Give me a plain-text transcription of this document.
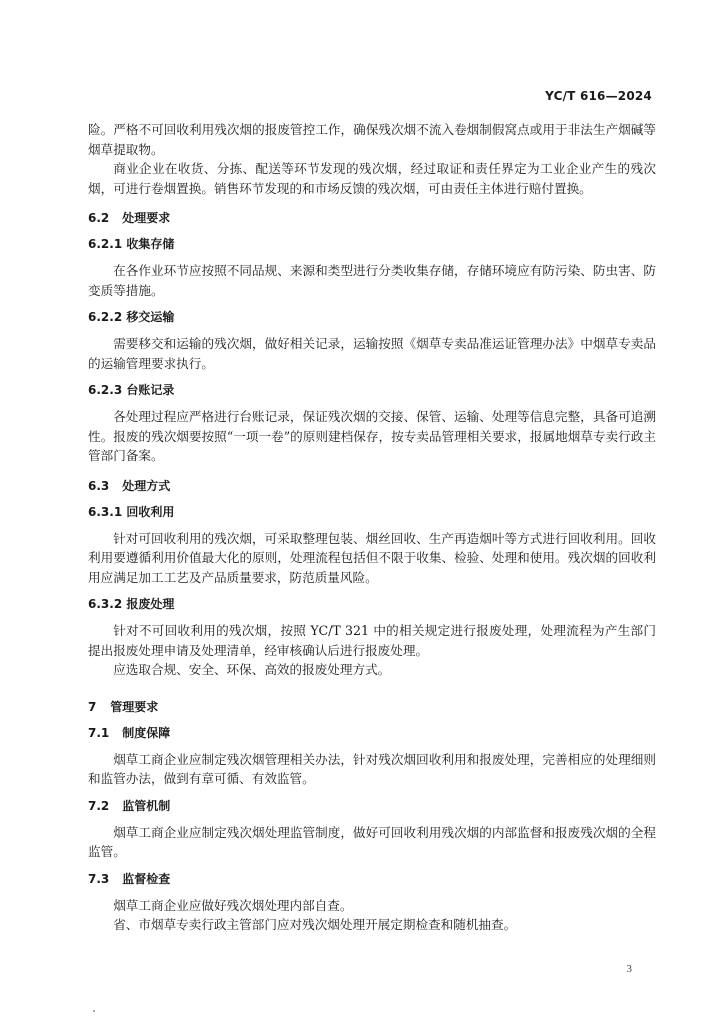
YC/T 616—2024

险。严格不可回收利用残次烟的报废管控工作，确保残次烟不流入卷烟制假窝点或用于非法生产烟碱等烟草提取物。

商业企业在收货、分拣、配送等环节发现的残次烟，经过取证和责任界定为工业企业产生的残次烟，可进行卷烟置换。销售环节发现的和市场反馈的残次烟，可由责任主体进行赔付置换。

6.2 处理要求
6.2.1 收集存储

在各作业环节应按照不同品规、来源和类型进行分类收集存储，存储环境应有防污染、防虫害、防变质等措施。

6.2.2 移交运输

需要移交和运输的残次烟，做好相关记录，运输按照《烟草专卖品准运证管理办法》中烟草专卖品的运输管理要求执行。

6.2.3 台账记录

各处理过程应严格进行台账记录，保证残次烟的交接、保管、运输、处理等信息完整，具备可追溯性。报废的残次烟要按照“一项一卷”的原则建档保存，按专卖品管理相关要求，报属地烟草专卖行政主管部门备案。

6.3 处理方式
6.3.1 回收利用

针对可回收利用的残次烟，可采取整理包装、烟丝回收、生产再造烟叶等方式进行回收利用。回收利用要遵循利用价值最大化的原则，处理流程包括但不限于收集、检验、处理和使用。残次烟的回收利用应满足加工工艺及产品质量要求，防范质量风险。

6.3.2 报废处理

针对不可回收利用的残次烟，按照 YC/T 321 中的相关规定进行报废处理，处理流程为产生部门提出报废处理申请及处理清单，经审核确认后进行报废处理。

应选取合规、安全、环保、高效的报废处理方式。

7 管理要求
7.1 制度保障

烟草工商企业应制定残次烟管理相关办法，针对残次烟回收利用和报废处理，完善相应的处理细则和监管办法，做到有章可循、有效监管。

7.2 监管机制

烟草工商企业应制定残次烟处理监管制度，做好可回收利用残次烟的内部监督和报废残次烟的全程监管。

7.3 监督检查

烟草工商企业应做好残次烟处理内部自查。

省、市烟草专卖行政主管部门应对残次烟处理开展定期检查和随机抽查。

3
